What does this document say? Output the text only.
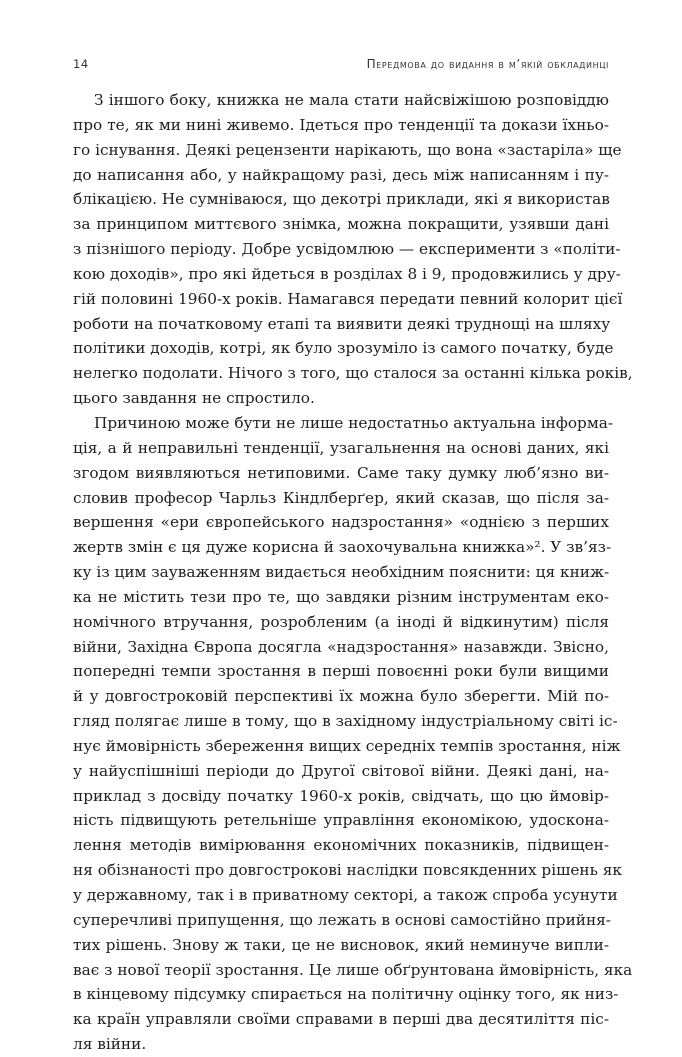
14	Передмова до видання в м’якій обкладинці
З іншого боку, книжка не мала стати найсвіжішою розповіддю
про те, як ми нині живемо. Ідеться про тенденції та докази їхньо-
го існування. Деякі рецензенти нарікають, що вона «застаріла» ще
до написання або, у найкращому разі, десь між написанням і пу-
блікацією. Не сумніваюся, що декотрі приклади, які я використав
за принципом миттєвого знімка, можна покращити, узявши дані
з пізнішого періоду. Добре усвідомлюю — експерименти з «політи-
кою доходів», про які йдеться в розділах 8 і 9, продовжились у дру-
гій половині 1960-х років. Намагався передати певний колорит цієї
роботи на початковому етапі та виявити деякі труднощі на шляху
політики доходів, котрі, як було зрозуміло із самого початку, буде
нелегко подолати. Нічого з того, що сталося за останні кілька років,
цього завдання не спростило.
Причиною може бути не лише недостатньо актуальна інформа-
ція, а й неправильні тенденції, узагальнення на основі даних, які
згодом виявляються нетиповими. Саме таку думку люб’язно ви-
словив професор Чарльз Кіндлберґер, який сказав, що після за-
вершення «ери європейського надзростання» «однією з перших
жертв змін є ця дуже корисна й заохочувальна книжка»². У зв’яз-
ку із цим зауваженням видається необхідним пояснити: ця книж-
ка не містить тези про те, що завдяки різним інструментам еко-
номічного втручання, розробленим (а іноді й відкинутим) після
війни, Західна Європа досягла «надзростання» назавжди. Звісно,
попередні темпи зростання в перші повоєнні роки були вищими
й у довгостроковій перспективі їх можна було зберегти. Мій по-
гляд полягає лише в тому, що в західному індустріальному світі іс-
нує ймовірність збереження вищих середніх темпів зростання, ніж
у найуспішніші періоди до Другої світової війни. Деякі дані, на-
приклад з досвіду початку 1960-х років, свідчать, що цю ймовір-
ність підвищують ретельніше управління економікою, удоскона-
лення методів вимірювання економічних показників, підвищен-
ня обізнаності про довгострокові наслідки повсякденних рішень як
у державному, так і в приватному секторі, а також спроба усунути
суперечливі припущення, що лежать в основі самостійно прийня-
тих рішень. Знову ж таки, це не висновок, який неминуче випли-
ває з нової теорії зростання. Це лише обґрунтована ймовірність, яка
в кінцевому підсумку спирається на політичну оцінку того, як низ-
ка країн управляли своїми справами в перші два десятиліття піс-
ля війни.
